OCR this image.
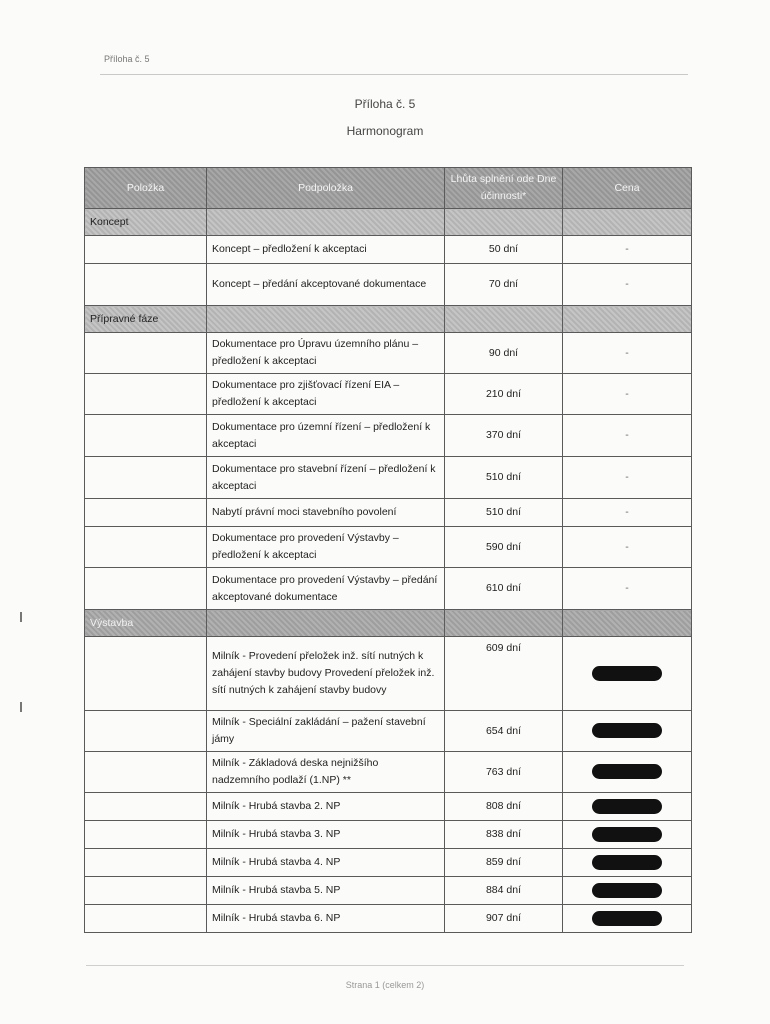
Příloha č. 5
Příloha č. 5
Harmonogram
Položka	Podpoložka	Lhůta splnění ode Dne účinnosti*	Cena
Koncept			
	Koncept – předložení k akceptaci	50 dní	-
	Koncept – předání akceptované dokumentace	70 dní	-
Přípravné fáze			
	Dokumentace pro Úpravu územního plánu – předložení k akceptaci	90 dní	-
	Dokumentace pro zjišťovací řízení EIA – předložení k akceptaci	210 dní	-
	Dokumentace pro územní řízení – předložení k akceptaci	370 dní	-
	Dokumentace pro stavební řízení – předložení k akceptaci	510 dní	-
	Nabytí právní moci stavebního povolení	510 dní	-
	Dokumentace pro provedení Výstavby – předložení k akceptaci	590 dní	-
	Dokumentace pro provedení Výstavby – předání akceptované dokumentace	610 dní	-
Výstavba			
	Milník - Provedení přeložek inž. sítí nutných k zahájení stavby budovy Provedení přeložek inž. sítí nutných k zahájení stavby budovy	609 dní	
	Milník - Speciální zakládání – pažení stavební jámy	654 dní	
	Milník - Základová deska nejnižšího nadzemního podlaží (1.NP) **	763 dní	
	Milník - Hrubá stavba 2. NP	808 dní	
	Milník - Hrubá stavba 3. NP	838 dní	
	Milník - Hrubá stavba 4. NP	859 dní	
	Milník - Hrubá stavba 5. NP	884 dní	
	Milník - Hrubá stavba 6. NP	907 dní	
Strana 1 (celkem 2)
